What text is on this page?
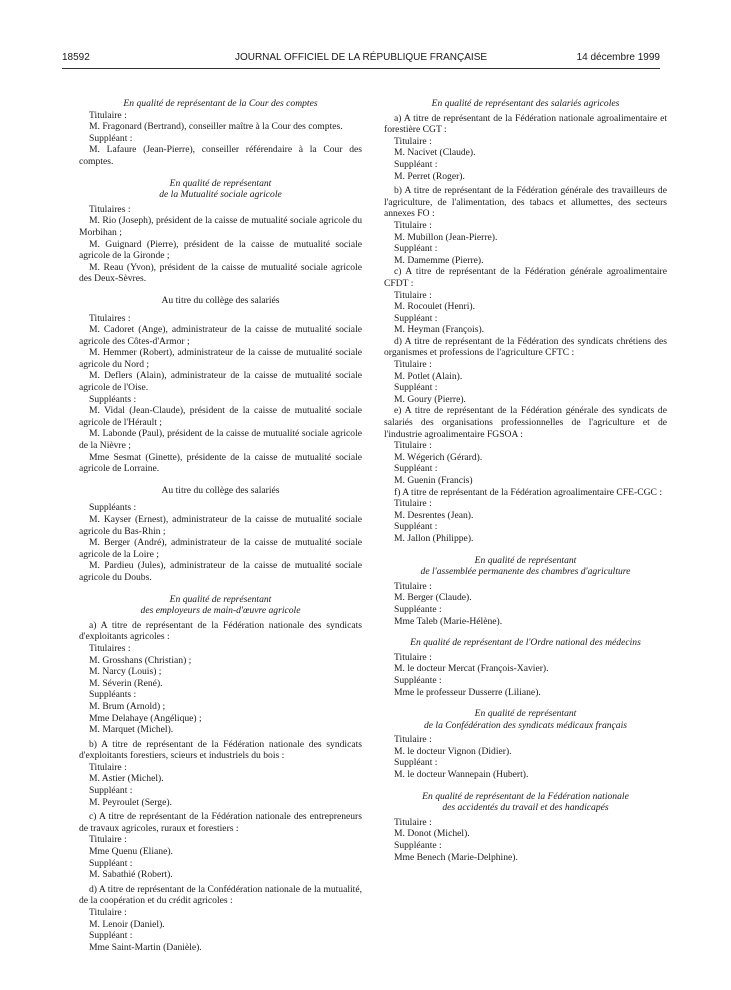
18592	JOURNAL OFFICIEL DE LA RÉPUBLIQUE FRANÇAISE	14 décembre 1999

En qualité de représentant de la Cour des comptes

Titulaire :

M. Fragonard (Bertrand), conseiller maître à la Cour des comptes.

Suppléant :

M. Lafaure (Jean-Pierre), conseiller référendaire à la Cour des comptes.

En qualité de représentant

de la Mutualité sociale agricole

Titulaires :

M. Rio (Joseph), président de la caisse de mutualité sociale agricole du Morbihan ;

M. Guignard (Pierre), président de la caisse de mutualité sociale agricole de la Gironde ;

M. Reau (Yvon), président de la caisse de mutualité sociale agricole des Deux-Sèvres.

Au titre du collège des salariés

Titulaires :

M. Cadoret (Ange), administrateur de la caisse de mutualité sociale agricole des Côtes-d'Armor ;

M. Hemmer (Robert), administrateur de la caisse de mutualité sociale agricole du Nord ;

M. Deflers (Alain), administrateur de la caisse de mutualité sociale agricole de l'Oise.

Suppléants :

M. Vidal (Jean-Claude), président de la caisse de mutualité sociale agricole de l'Hérault ;

M. Labonde (Paul), président de la caisse de mutualité sociale agricole de la Nièvre ;

Mme Sesmat (Ginette), présidente de la caisse de mutualité sociale agricole de Lorraine.

Au titre du collège des salariés

Suppléants :

M. Kayser (Ernest), administrateur de la caisse de mutualité sociale agricole du Bas-Rhin ;

M. Berger (André), administrateur de la caisse de mutualité sociale agricole de la Loire ;

M. Pardieu (Jules), administrateur de la caisse de mutualité sociale agricole du Doubs.

En qualité de représentant

des employeurs de main-d'œuvre agricole

a) A titre de représentant de la Fédération nationale des syndicats d'exploitants agricoles :

Titulaires :

M. Grosshans (Christian) ;

M. Narcy (Louis) ;

M. Séverin (René).

Suppléants :

M. Brum (Arnold) ;

Mme Delahaye (Angélique) ;

M. Marquet (Michel).

b) A titre de représentant de la Fédération nationale des syndicats d'exploitants forestiers, scieurs et industriels du bois :

Titulaire :

M. Astier (Michel).

Suppléant :

M. Peyroulet (Serge).

c) A titre de représentant de la Fédération nationale des entrepreneurs de travaux agricoles, ruraux et forestiers :

Titulaire :

Mme Quenu (Eliane).

Suppléant :

M. Sabathié (Robert).

d) A titre de représentant de la Confédération nationale de la mutualité, de la coopération et du crédit agricoles :

Titulaire :

M. Lenoir (Daniel).

Suppléant :

Mme Saint-Martin (Danièle).

En qualité de représentant des salariés agricoles

a) A titre de représentant de la Fédération nationale agroalimentaire et forestière CGT :

Titulaire :

M. Nacivet (Claude).

Suppléant :

M. Perret (Roger).

b) A titre de représentant de la Fédération générale des travailleurs de l'agriculture, de l'alimentation, des tabacs et allumettes, des secteurs annexes FO :

Titulaire :

M. Mubillon (Jean-Pierre).

Suppléant :

M. Damemme (Pierre).

c) A titre de représentant de la Fédération générale agroalimentaire CFDT :

Titulaire :

M. Rocoulet (Henri).

Suppléant :

M. Heyman (François).

d) A titre de représentant de la Fédération des syndicats chrétiens des organismes et professions de l'agriculture CFTC :

Titulaire :

M. Potlet (Alain).

Suppléant :

M. Goury (Pierre).

e) A titre de représentant de la Fédération générale des syndicats de salariés des organisations professionnelles de l'agriculture et de l'industrie agroalimentaire FGSOA :

Titulaire :

M. Wégerich (Gérard).

Suppléant :

M. Guenin (Francis)

f) A titre de représentant de la Fédération agroalimentaire CFE-CGC :

Titulaire :

M. Desrentes (Jean).

Suppléant :

M. Jallon (Philippe).

En qualité de représentant

de l'assemblée permanente des chambres d'agriculture

Titulaire :

M. Berger (Claude).

Suppléante :

Mme Taleb (Marie-Hélène).

En qualité de représentant de l'Ordre national des médecins

Titulaire :

M. le docteur Mercat (François-Xavier).

Suppléante :

Mme le professeur Dusserre (Liliane).

En qualité de représentant

de la Confédération des syndicats médicaux français

Titulaire :

M. le docteur Vignon (Didier).

Suppléant :

M. le docteur Wannepain (Hubert).

En qualité de représentant de la Fédération nationale

des accidentés du travail et des handicapés

Titulaire :

M. Donot (Michel).

Suppléante :

Mme Benech (Marie-Delphine).
